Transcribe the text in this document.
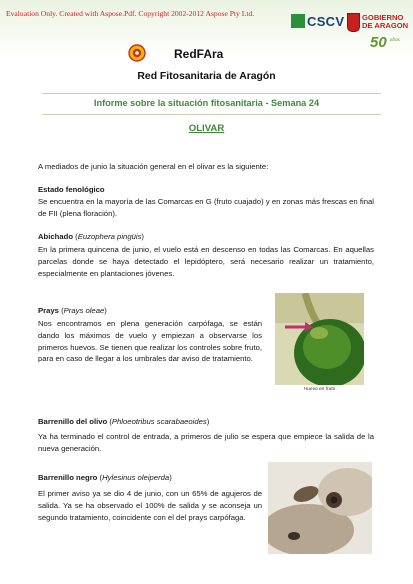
Evaluation Only. Created with Aspose.Pdf. Copyright 2002-2012 Aspose Pty Ltd.
CSCV GOBIERNO
DE ARAGON
50 años
RedFAra
Red Fitosanitaria de Aragón
Informe sobre la situación fitosanitaria - Semana 24
OLIVAR
A mediados de junio la situación general en el olivar es la siguiente:
Estado fenológico
Se encuentra en la mayoría de las Comarcas en G (fruto cuajado) y en zonas más frescas en final de FII (plena floración).
Abichado (Euzophera pingüis)
En la primera quincena de junio, el vuelo está en descenso en todas las Comarcas. En aquellas parcelas donde se haya detectado el lepidóptero, será necesario realizar un tratamiento, especialmente en plantaciones jóvenes.
Prays (Prays oleae)
Nos encontramos en plena generación carpófaga, se están dando los máximos de vuelo y empiezan a observarse los primeros huevos. Se tienen que realizar los controles sobre fruto, para en caso de llegar a los umbrales dar aviso de tratamiento.
Huevo en fruto
Barrenillo del olivo (Phloeotribus scarabaeoides)
Ya ha terminado el control de entrada, a primeros de julio se espera que empiece la salida de la nueva generación.
Barrenillo negro (Hylesinus oleiperda)
El primer aviso ya se dio 4 de junio, con un 65% de agujeros de salida. Ya se ha observado el 100% de salida y se aconseja un segundo tratamiento, coincidente con el del prays carpófaga.
